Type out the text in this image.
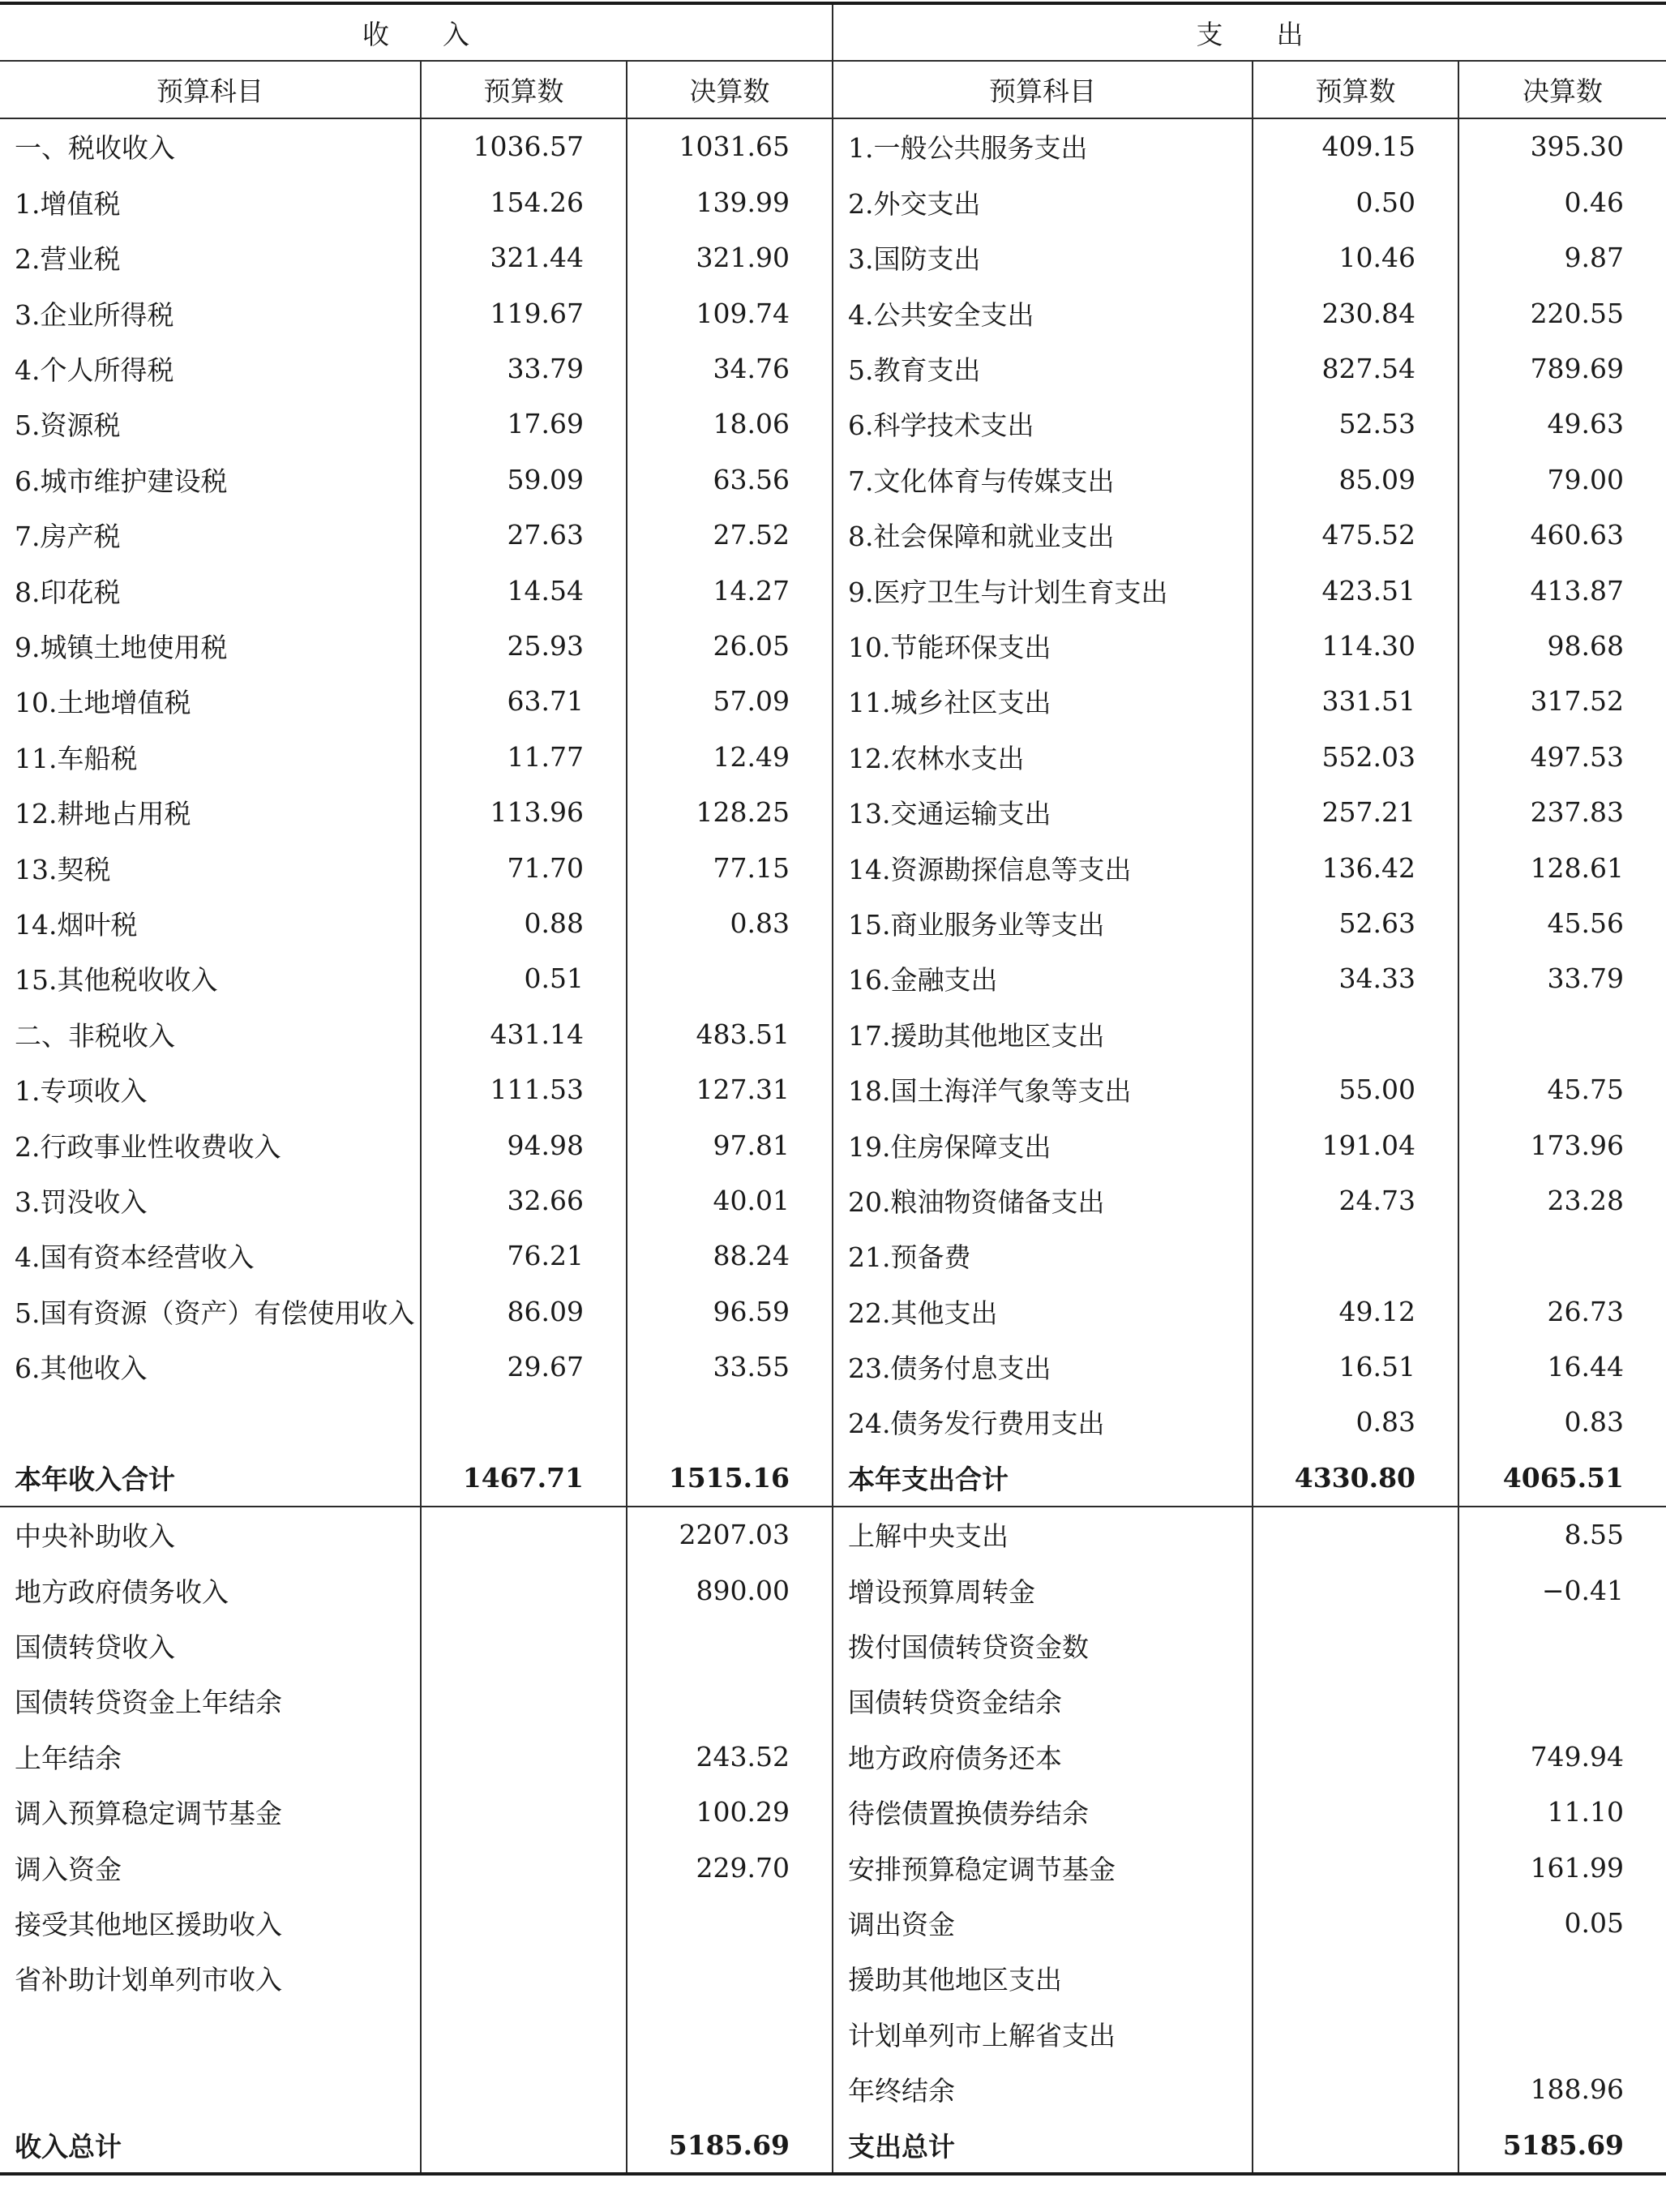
收　　入			支　　出		
预算科目	预算数	决算数	预算科目	预算数	决算数
一、税收收入	1036.57	1031.65	1.一般公共服务支出	409.15	395.30
1.增值税	154.26	139.99	2.外交支出	0.50	0.46
2.营业税	321.44	321.90	3.国防支出	10.46	9.87
3.企业所得税	119.67	109.74	4.公共安全支出	230.84	220.55
4.个人所得税	33.79	34.76	5.教育支出	827.54	789.69
5.资源税	17.69	18.06	6.科学技术支出	52.53	49.63
6.城市维护建设税	59.09	63.56	7.文化体育与传媒支出	85.09	79.00
7.房产税	27.63	27.52	8.社会保障和就业支出	475.52	460.63
8.印花税	14.54	14.27	9.医疗卫生与计划生育支出	423.51	413.87
9.城镇土地使用税	25.93	26.05	10.节能环保支出	114.30	98.68
10.土地增值税	63.71	57.09	11.城乡社区支出	331.51	317.52
11.车船税	11.77	12.49	12.农林水支出	552.03	497.53
12.耕地占用税	113.96	128.25	13.交通运输支出	257.21	237.83
13.契税	71.70	77.15	14.资源勘探信息等支出	136.42	128.61
14.烟叶税	0.88	0.83	15.商业服务业等支出	52.63	45.56
15.其他税收收入	0.51		16.金融支出	34.33	33.79
二、非税收入	431.14	483.51	17.援助其他地区支出		
1.专项收入	111.53	127.31	18.国土海洋气象等支出	55.00	45.75
2.行政事业性收费收入	94.98	97.81	19.住房保障支出	191.04	173.96
3.罚没收入	32.66	40.01	20.粮油物资储备支出	24.73	23.28
4.国有资本经营收入	76.21	88.24	21.预备费		
5.国有资源（资产）有偿使用收入	86.09	96.59	22.其他支出	49.12	26.73
6.其他收入	29.67	33.55	23.债务付息支出	16.51	16.44
			24.债务发行费用支出	0.83	0.83
本年收入合计	1467.71	1515.16	本年支出合计	4330.80	4065.51
中央补助收入		2207.03	上解中央支出		8.55
地方政府债务收入		890.00	增设预算周转金		−0.41
国债转贷收入			拨付国债转贷资金数		
国债转贷资金上年结余			国债转贷资金结余		
上年结余		243.52	地方政府债务还本		749.94
调入预算稳定调节基金		100.29	待偿债置换债券结余		11.10
调入资金		229.70	安排预算稳定调节基金		161.99
接受其他地区援助收入			调出资金		0.05
省补助计划单列市收入			援助其他地区支出		
			计划单列市上解省支出		
			年终结余		188.96
收入总计		5185.69	支出总计		5185.69
